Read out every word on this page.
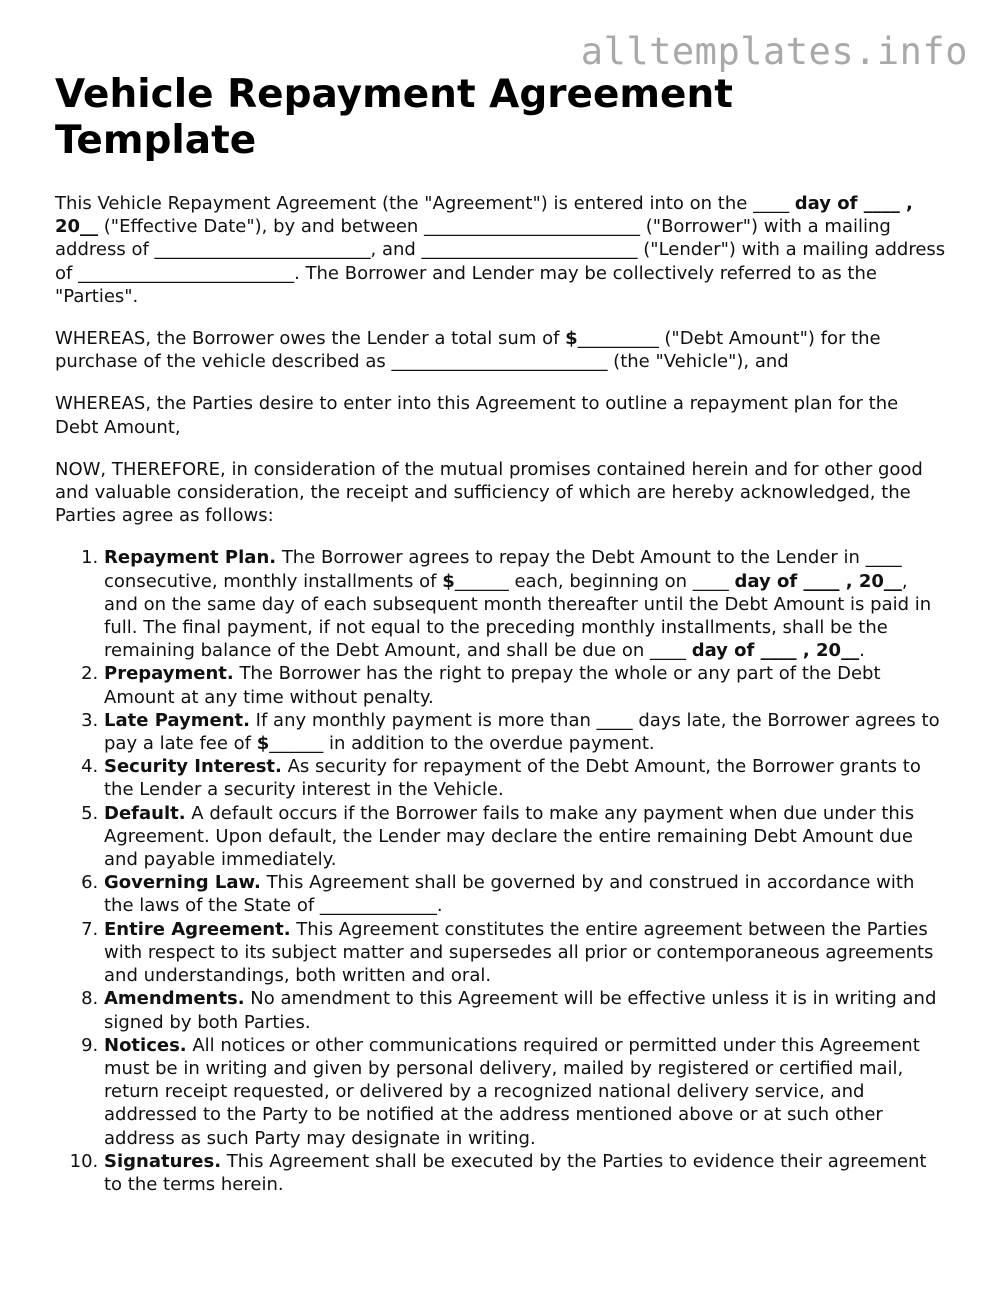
alltemplates.info
Vehicle Repayment Agreement Template

This Vehicle Repayment Agreement (the "Agreement") is entered into on the ____ day of ____ , 20__ ("Effective Date"), by and between ________________________ ("Borrower") with a mailing address of ________________________, and ________________________ ("Lender") with a mailing address of ________________________. The Borrower and Lender may be collectively referred to as the "Parties".

WHEREAS, the Borrower owes the Lender a total sum of $_________ ("Debt Amount") for the purchase of the vehicle described as ________________________ (the "Vehicle"), and

WHEREAS, the Parties desire to enter into this Agreement to outline a repayment plan for the Debt Amount,

NOW, THEREFORE, in consideration of the mutual promises contained herein and for other good and valuable consideration, the receipt and sufficiency of which are hereby acknowledged, the Parties agree as follows:

1. Repayment Plan. The Borrower agrees to repay the Debt Amount to the Lender in ____ consecutive, monthly installments of $______ each, beginning on ____ day of ____ , 20__, and on the same day of each subsequent month thereafter until the Debt Amount is paid in full. The final payment, if not equal to the preceding monthly installments, shall be the remaining balance of the Debt Amount, and shall be due on ____ day of ____ , 20__.
2. Prepayment. The Borrower has the right to prepay the whole or any part of the Debt Amount at any time without penalty.
3. Late Payment. If any monthly payment is more than ____ days late, the Borrower agrees to pay a late fee of $______ in addition to the overdue payment.
4. Security Interest. As security for repayment of the Debt Amount, the Borrower grants to the Lender a security interest in the Vehicle.
5. Default. A default occurs if the Borrower fails to make any payment when due under this Agreement. Upon default, the Lender may declare the entire remaining Debt Amount due and payable immediately.
6. Governing Law. This Agreement shall be governed by and construed in accordance with the laws of the State of _____________.
7. Entire Agreement. This Agreement constitutes the entire agreement between the Parties with respect to its subject matter and supersedes all prior or contemporaneous agreements and understandings, both written and oral.
8. Amendments. No amendment to this Agreement will be effective unless it is in writing and signed by both Parties.
9. Notices. All notices or other communications required or permitted under this Agreement must be in writing and given by personal delivery, mailed by registered or certified mail, return receipt requested, or delivered by a recognized national delivery service, and addressed to the Party to be notified at the address mentioned above or at such other address as such Party may designate in writing.
10. Signatures. This Agreement shall be executed by the Parties to evidence their agreement to the terms herein.
